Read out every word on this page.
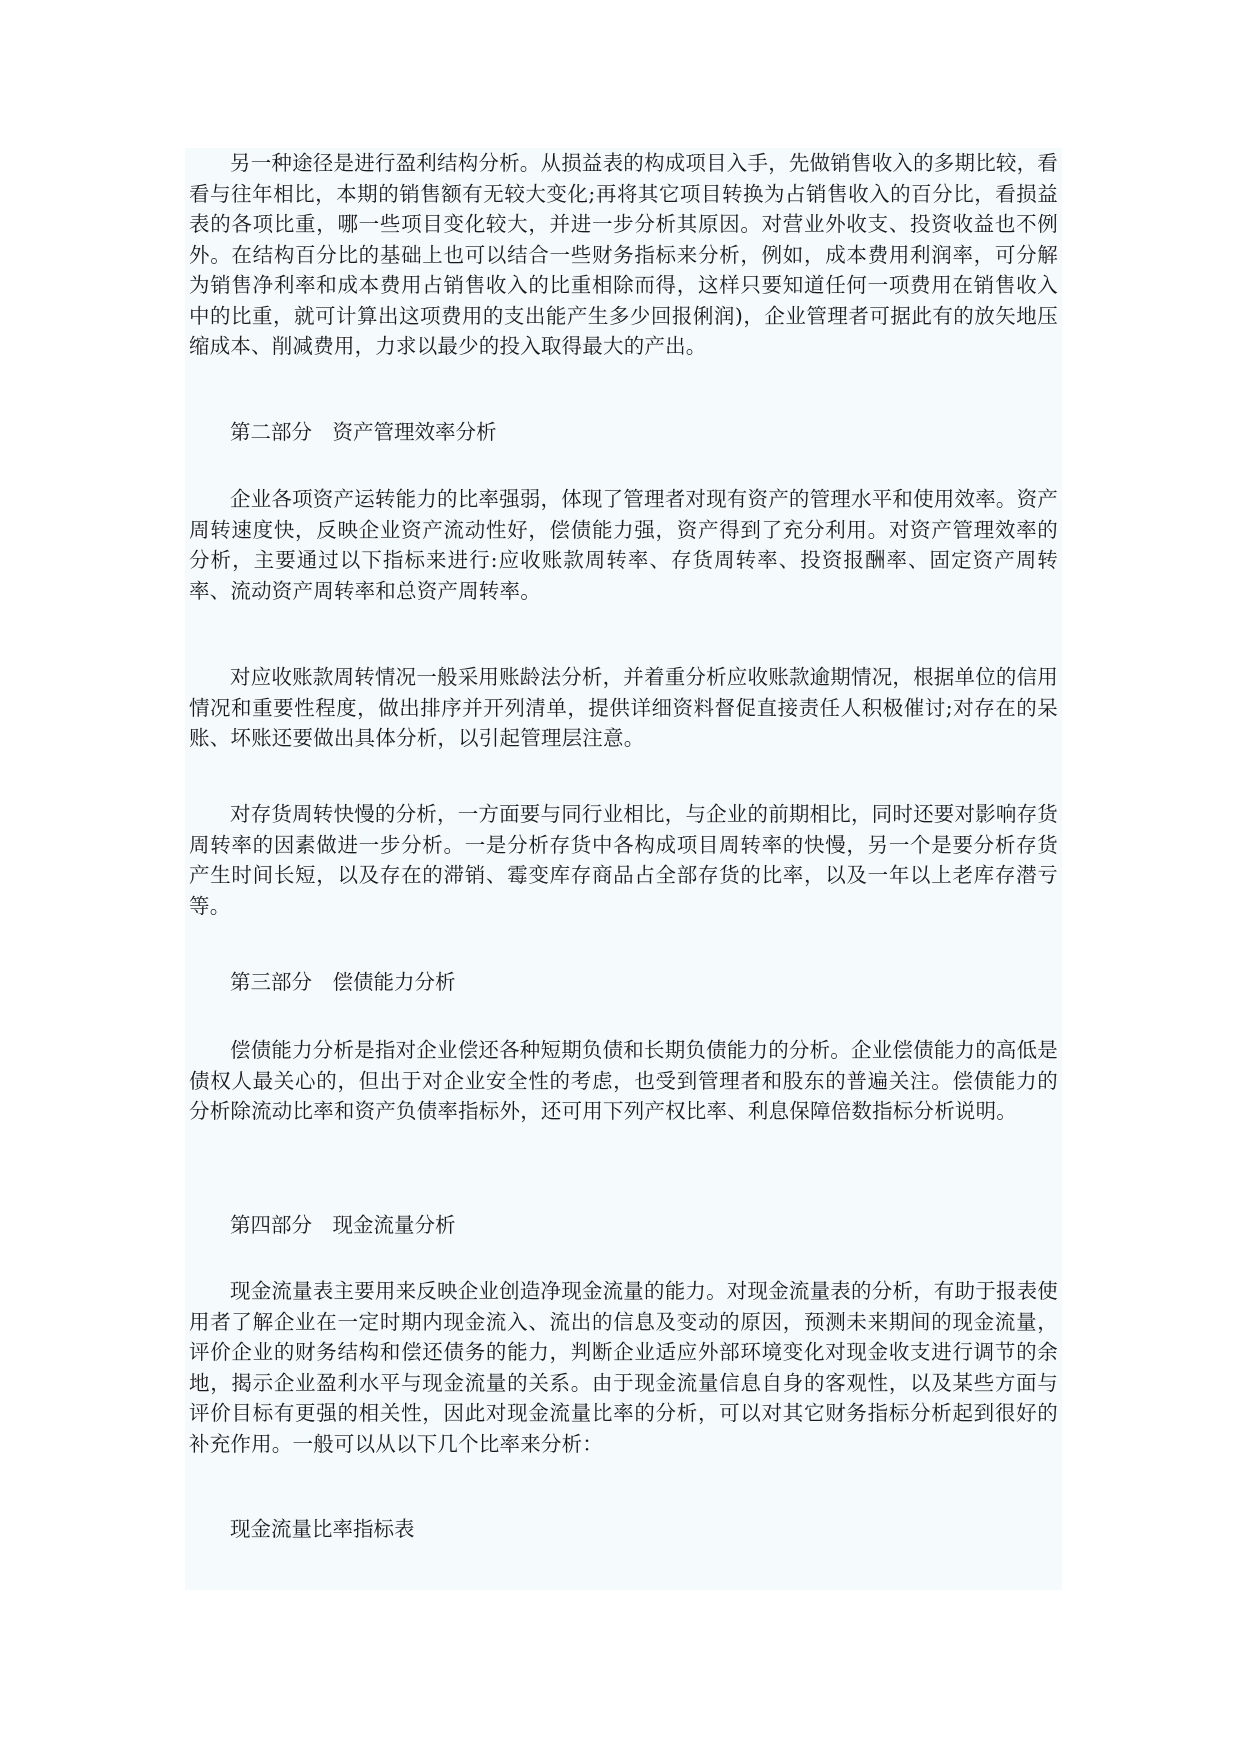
另一种途径是进行盈利结构分析。从损益表的构成项目入手，先做销售收入的多期比较，看看与往年相比，本期的销售额有无较大变化;再将其它项目转换为占销售收入的百分比，看损益表的各项比重，哪一些项目变化较大，并进一步分析其原因。对营业外收支、投资收益也不例外。在结构百分比的基础上也可以结合一些财务指标来分析，例如，成本费用利润率，可分解为销售净利率和成本费用占销售收入的比重相除而得，这样只要知道任何一项费用在销售收入中的比重，就可计算出这项费用的支出能产生多少回报俐润)，企业管理者可据此有的放矢地压缩成本、削减费用，力求以最少的投入取得最大的产出。

第二部分　资产管理效率分析

企业各项资产运转能力的比率强弱，体现了管理者对现有资产的管理水平和使用效率。资产周转速度快，反映企业资产流动性好，偿债能力强，资产得到了充分利用。对资产管理效率的分析，主要通过以下指标来进行:应收账款周转率、存货周转率、投资报酬率、固定资产周转率、流动资产周转率和总资产周转率。

对应收账款周转情况一般采用账龄法分析，并着重分析应收账款逾期情况，根据单位的信用情况和重要性程度，做出排序并开列清单，提供详细资料督促直接责任人积极催讨;对存在的呆账、坏账还要做出具体分析，以引起管理层注意。

对存货周转快慢的分析，一方面要与同行业相比，与企业的前期相比，同时还要对影响存货周转率的因素做进一步分析。一是分析存货中各构成项目周转率的快慢，另一个是要分析存货产生时间长短，以及存在的滞销、霉变库存商品占全部存货的比率，以及一年以上老库存潜亏等。

第三部分　偿债能力分析

偿债能力分析是指对企业偿还各种短期负债和长期负债能力的分析。企业偿债能力的高低是债权人最关心的，但出于对企业安全性的考虑，也受到管理者和股东的普遍关注。偿债能力的分析除流动比率和资产负债率指标外，还可用下列产权比率、利息保障倍数指标分析说明。

第四部分　现金流量分析

现金流量表主要用来反映企业创造净现金流量的能力。对现金流量表的分析，有助于报表使用者了解企业在一定时期内现金流入、流出的信息及变动的原因，预测未来期间的现金流量，评价企业的财务结构和偿还债务的能力，判断企业适应外部环境变化对现金收支进行调节的余地，揭示企业盈利水平与现金流量的关系。由于现金流量信息自身的客观性，以及某些方面与评价目标有更强的相关性，因此对现金流量比率的分析，可以对其它财务指标分析起到很好的补充作用。一般可以从以下几个比率来分析：

现金流量比率指标表
